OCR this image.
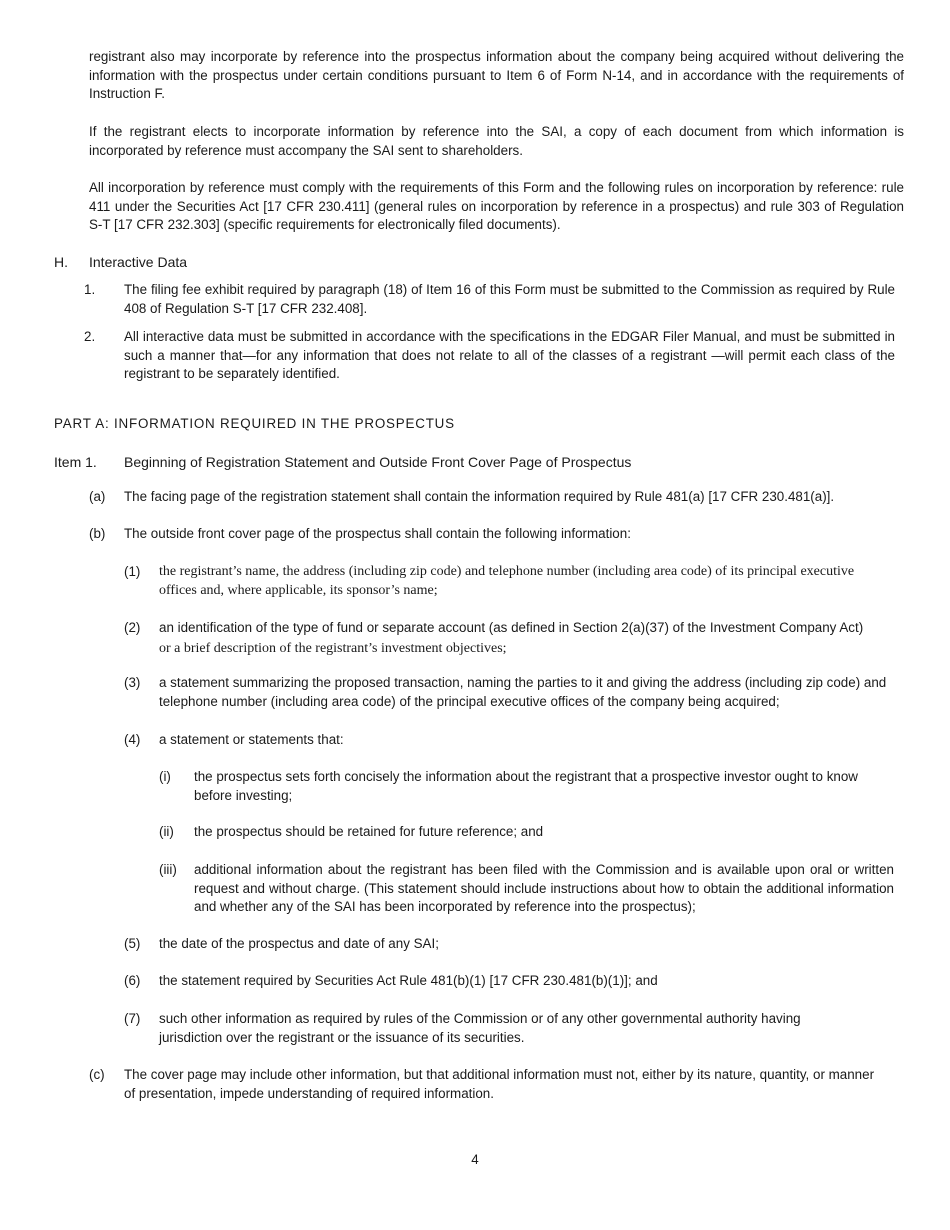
registrant also may incorporate by reference into the prospectus information about the company being acquired without delivering the information with the prospectus under certain conditions pursuant to Item 6 of Form N-14, and in accordance with the requirements of Instruction F.

If the registrant elects to incorporate information by reference into the SAI, a copy of each document from which information is incorporated by reference must accompany the SAI sent to shareholders.

All incorporation by reference must comply with the requirements of this Form and the following rules on incorporation by reference: rule 411 under the Securities Act [17 CFR 230.411] (general rules on incorporation by reference in a prospectus) and rule 303 of Regulation S-T [17 CFR 232.303] (specific requirements for electronically filed documents).

H.	Interactive Data
1.	The filing fee exhibit required by paragraph (18) of Item 16 of this Form must be submitted to the Commission as required by Rule 408 of Regulation S-T [17 CFR 232.408].
2.	All interactive data must be submitted in accordance with the specifications in the EDGAR Filer Manual, and must be submitted in such a manner that—for any information that does not relate to all of the classes of a registrant —will permit each class of the registrant to be separately identified.
PART A: INFORMATION REQUIRED IN THE PROSPECTUS
Item 1.	Beginning of Registration Statement and Outside Front Cover Page of Prospectus
(a)	The facing page of the registration statement shall contain the information required by Rule 481(a) [17 CFR 230.481(a)].
(b)	The outside front cover page of the prospectus shall contain the following information:
(1)	the registrant’s name, the address (including zip code) and telephone number (including area code) of its principal executive offices and, where applicable, its sponsor’s name;
(2)	an identification of the type of fund or separate account (as defined in Section 2(a)(37) of the Investment Company Act) or a brief description of the registrant’s investment objectives;
(3)	a statement summarizing the proposed transaction, naming the parties to it and giving the address (including zip code) and telephone number (including area code) of the principal executive offices of the company being acquired;
(4)	a statement or statements that:
(i)	the prospectus sets forth concisely the information about the registrant that a prospective investor ought to know before investing;
(ii)	the prospectus should be retained for future reference; and
(iii)	additional information about the registrant has been filed with the Commission and is available upon oral or written request and without charge. (This statement should include instructions about how to obtain the additional information and whether any of the SAI has been incorporated by reference into the prospectus);
(5)	the date of the prospectus and date of any SAI;
(6)	the statement required by Securities Act Rule 481(b)(1) [17 CFR 230.481(b)(1)]; and
(7)	such other information as required by rules of the Commission or of any other governmental authority having jurisdiction over the registrant or the issuance of its securities.
(c)	The cover page may include other information, but that additional information must not, either by its nature, quantity, or manner of presentation, impede understanding of required information.
4
